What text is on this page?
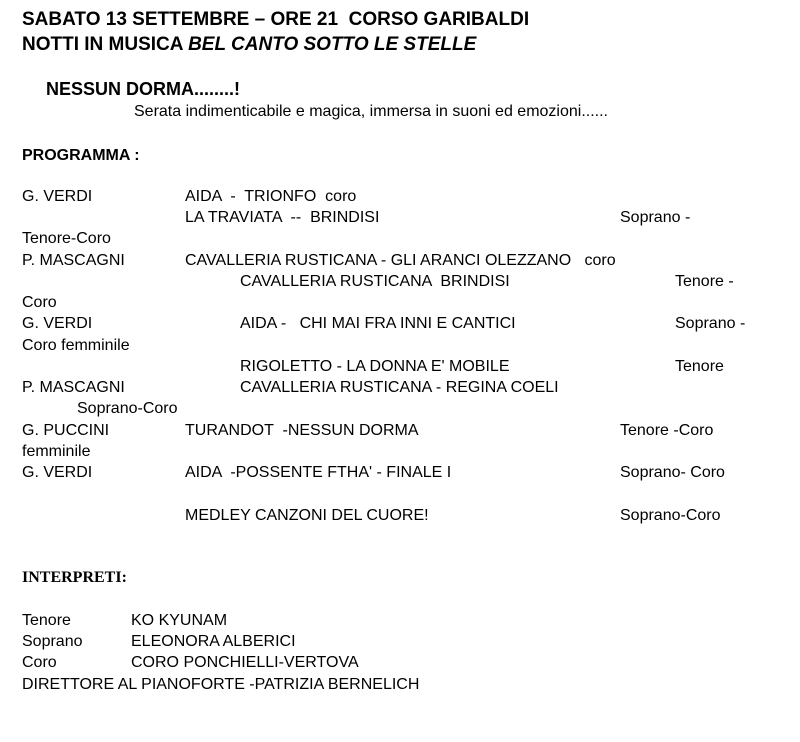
SABATO 13 SETTEMBRE – ORE 21  CORSO GARIBALDI
NOTTI IN MUSICA BEL CANTO SOTTO LE STELLE
NESSUN DORMA........!
Serata indimenticabile e magica, immersa in suoni ed emozioni......
PROGRAMMA :
G. VERDI	AIDA  -  TRIONFO  coro
LA TRAVIATA  --  BRINDISI	Soprano -
Tenore-Coro
P. MASCAGNI	CAVALLERIA RUSTICANA - GLI ARANCI OLEZZANO   coro
CAVALLERIA RUSTICANA  BRINDISI	Tenore -
Coro
G. VERDI	AIDA -   CHI MAI FRA INNI E CANTICI	Soprano -
Coro femminile
RIGOLETTO - LA DONNA E' MOBILE	Tenore
P. MASCAGNI	CAVALLERIA RUSTICANA - REGINA COELI
Soprano-Coro
G. PUCCINI	TURANDOT  -NESSUN DORMA	Tenore -Coro
femminile
G. VERDI	AIDA  -POSSENTE FTHA' - FINALE I	Soprano- Coro
MEDLEY CANZONI DEL CUORE!	Soprano-Coro
INTERPRETI:
Tenore	KO KYUNAM
Soprano	ELEONORA ALBERICI
Coro	CORO PONCHIELLI-VERTOVA
DIRETTORE AL PIANOFORTE -PATRIZIA BERNELICH
